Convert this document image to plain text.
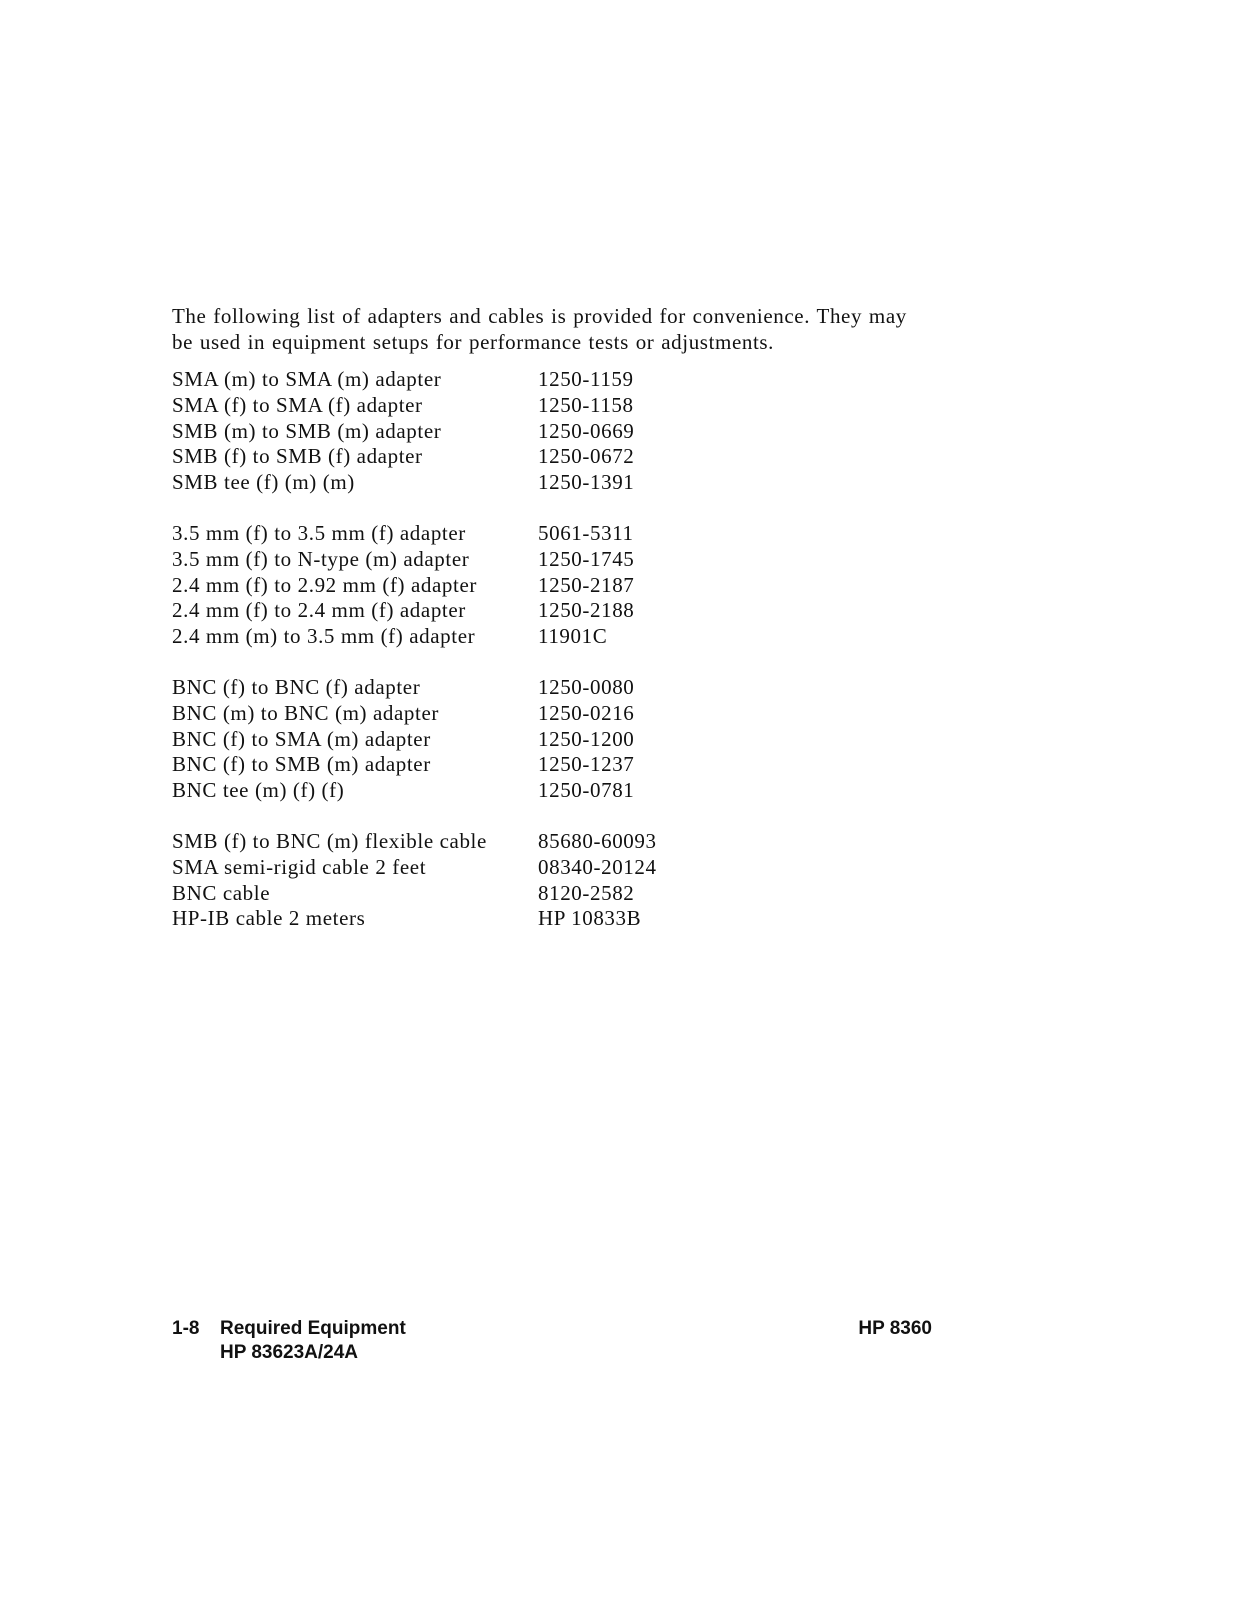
The following list of adapters and cables is provided for convenience. They may
be used in equipment setups for performance tests or adjustments.

SMA (m) to SMA (m) adapter	1250-1159
SMA (f) to SMA (f) adapter	1250-1158
SMB (m) to SMB (m) adapter	1250-0669
SMB (f) to SMB (f) adapter	1250-0672
SMB tee (f) (m) (m)	1250-1391
3.5 mm (f) to 3.5 mm (f) adapter	5061-5311
3.5 mm (f) to N-type (m) adapter	1250-1745
2.4 mm (f) to 2.92 mm (f) adapter	1250-2187
2.4 mm (f) to 2.4 mm (f) adapter	1250-2188
2.4 mm (m) to 3.5 mm (f) adapter	11901C
BNC (f) to BNC (f) adapter	1250-0080
BNC (m) to BNC (m) adapter	1250-0216
BNC (f) to SMA (m) adapter	1250-1200
BNC (f) to SMB (m) adapter	1250-1237
BNC tee (m) (f) (f)	1250-0781
SMB (f) to BNC (m) flexible cable	85680-60093
SMA semi-rigid cable 2 feet	08340-20124
BNC cable	8120-2582
HP-IB cable 2 meters	HP 10833B
1-8 Required Equipment	HP 8360
HP 83623A/24A
